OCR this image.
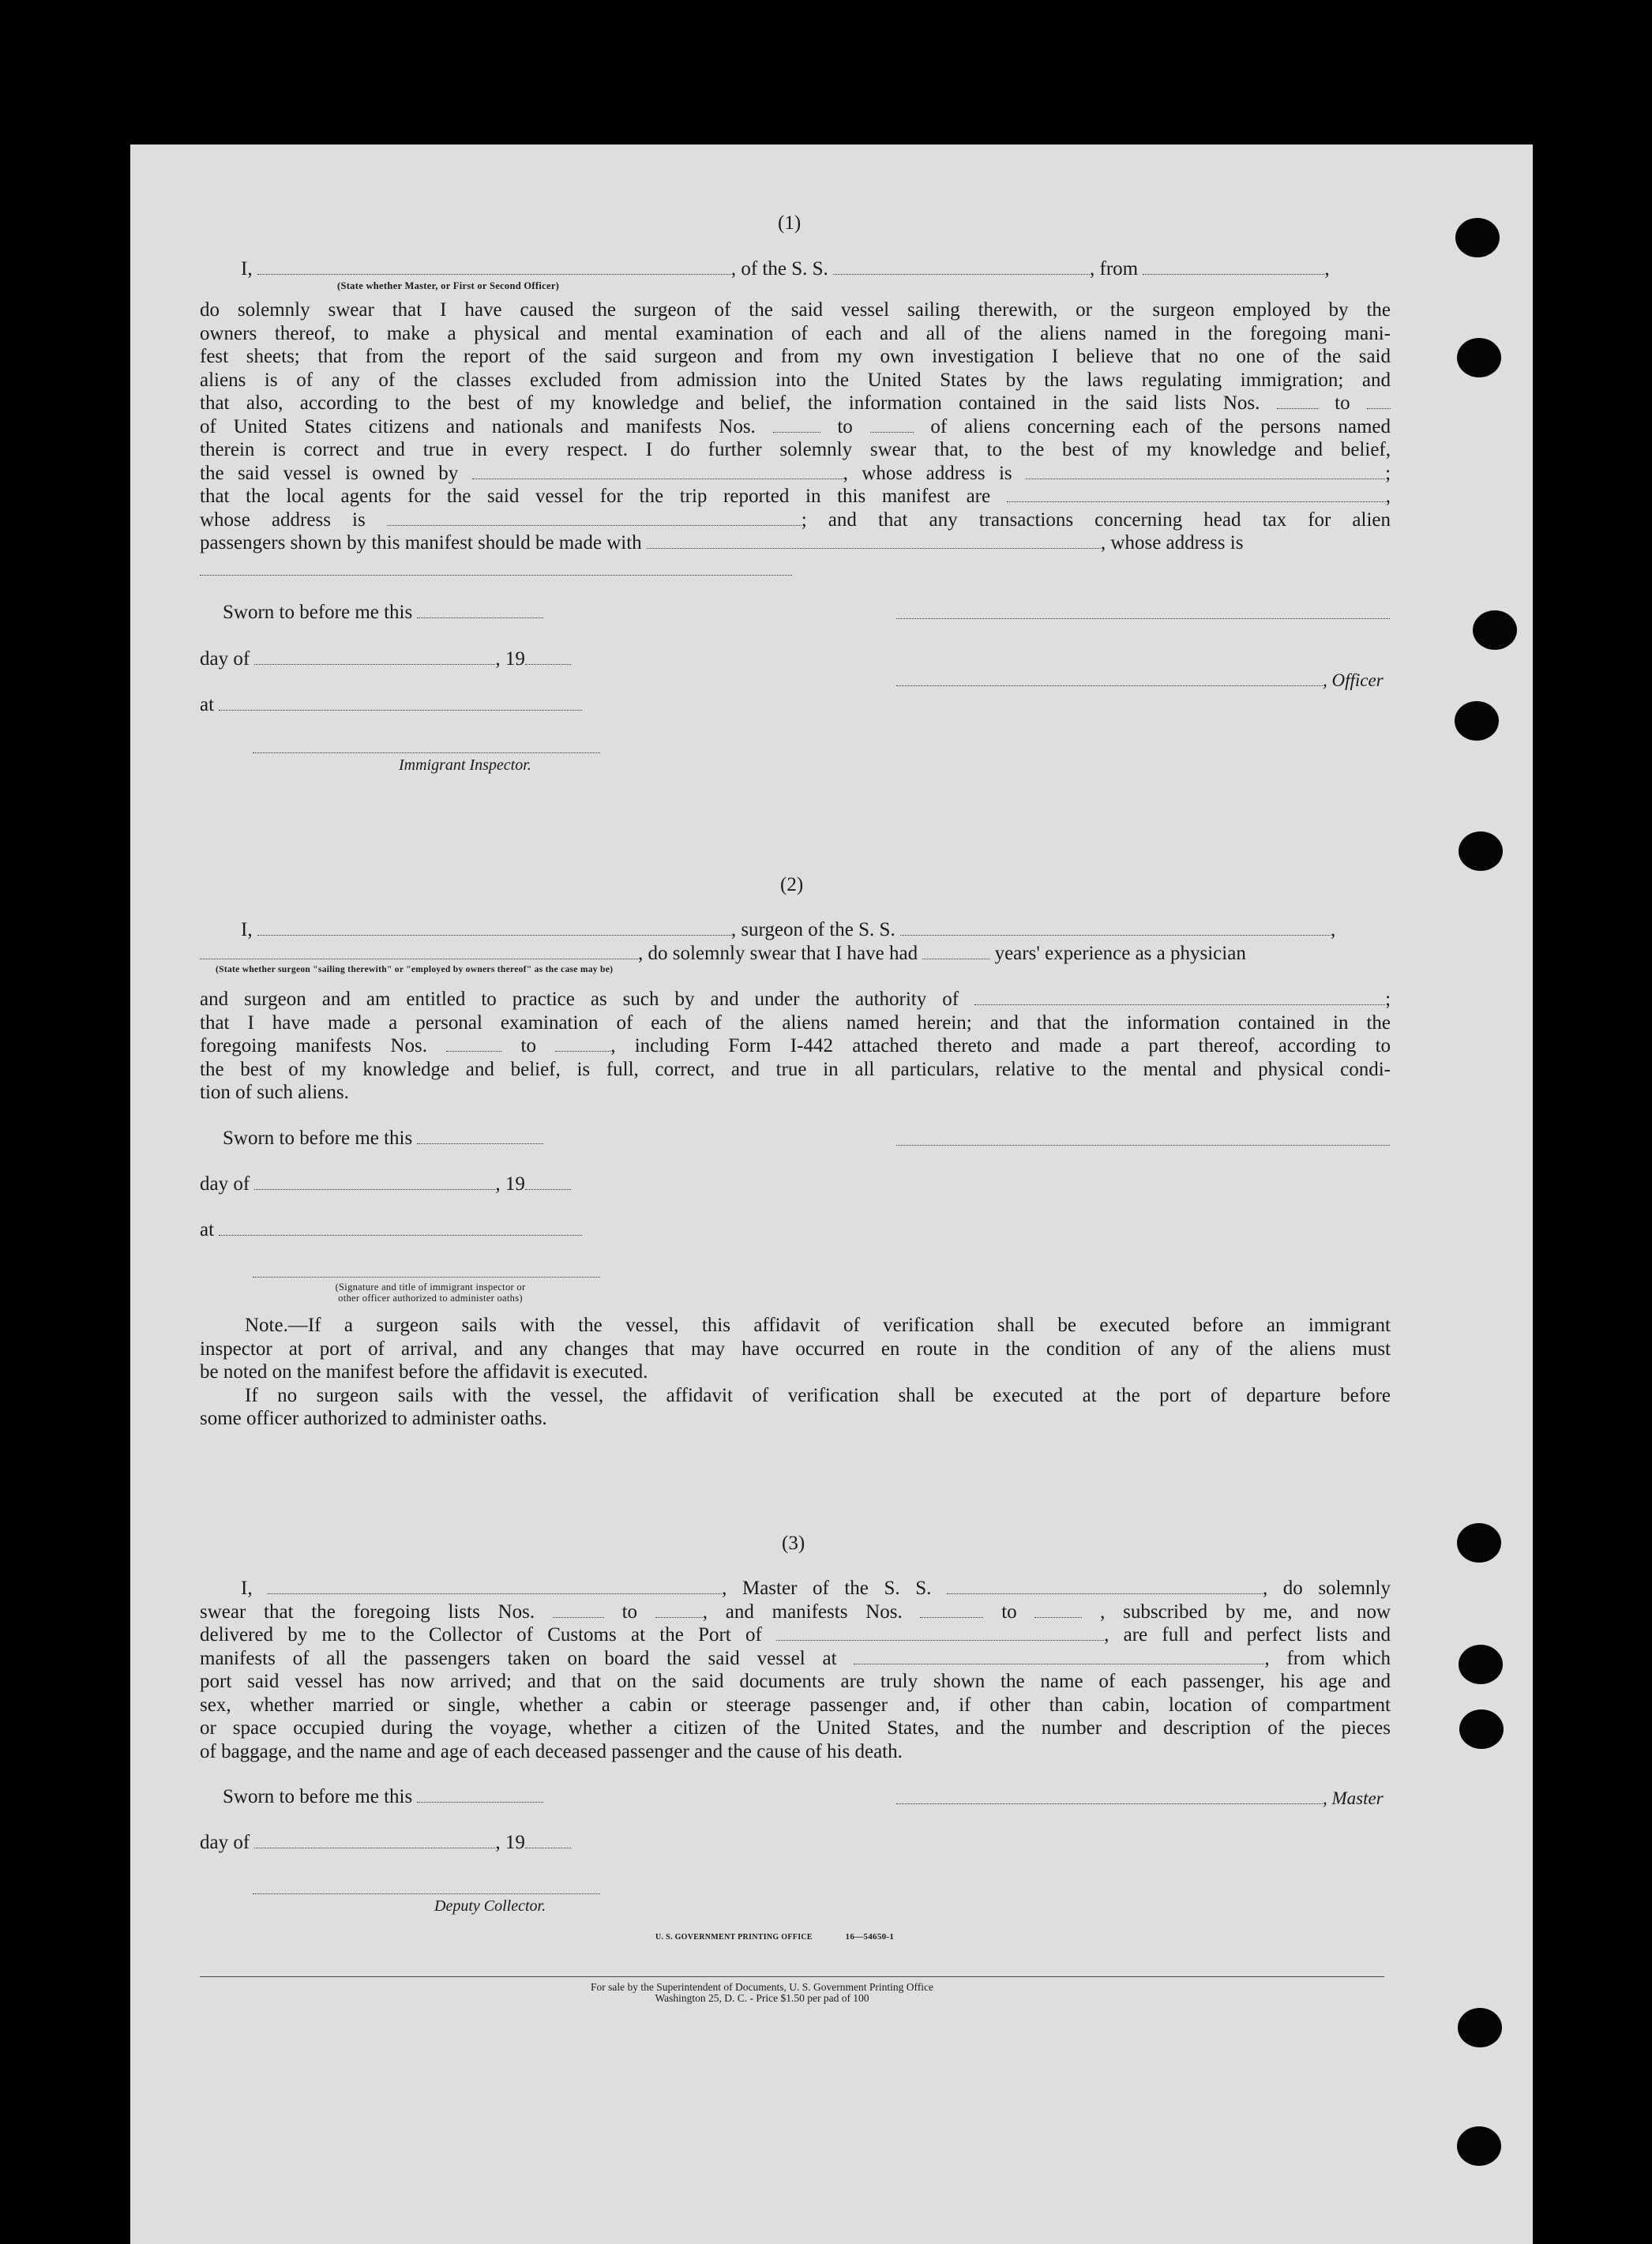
(1)
I,	, of the S. S.	, from	,
(State whether Master, or First or Second Officer)
do solemnly swear that I have caused the surgeon of the said vessel sailing therewith, or the surgeon employed by the
owners thereof, to make a physical and mental examination of each and all of the aliens named in the foregoing mani-
fest sheets; that from the report of the said surgeon and from my own investigation I believe that no one of the said
aliens is of any of the classes excluded from admission into the United States by the laws regulating immigration; and
that also, according to the best of my knowledge and belief, the information contained in the said lists Nos.	to
of United States citizens and nationals and manifests Nos.	to	of aliens concerning each of the persons named
therein is correct and true in every respect. I do further solemnly swear that, to the best of my knowledge and belief,
the said vessel is owned by	, whose address is	;
that the local agents for the said vessel for the trip reported in this manifest are	,
whose address is	; and that any transactions concerning head tax for alien
passengers shown by this manifest should be made with	, whose address is
Sworn to before me this
day of	, 19
, Officer
at
Immigrant Inspector.
(2)
I,	, surgeon of the S. S.	,
, do solemnly swear that I have had	years' experience as a physician
(State whether surgeon "sailing therewith" or "employed by owners thereof" as the case may be)
and surgeon and am entitled to practice as such by and under the authority of	;
that I have made a personal examination of each of the aliens named herein; and that the information contained in the
foregoing manifests Nos.	to	, including Form I-442 attached thereto and made a part thereof, according to
the best of my knowledge and belief, is full, correct, and true in all particulars, relative to the mental and physical condi-
tion of such aliens.
Sworn to before me this
day of	, 19
at
(Signature and title of immigrant inspector or
other officer authorized to administer oaths)
Note.—If a surgeon sails with the vessel, this affidavit of verification shall be executed before an immigrant
inspector at port of arrival, and any changes that may have occurred en route in the condition of any of the aliens must
be noted on the manifest before the affidavit is executed.
If no surgeon sails with the vessel, the affidavit of verification shall be executed at the port of departure before
some officer authorized to administer oaths.
(3)
I,	, Master of the S. S.	, do solemnly
swear that the foregoing lists Nos.	to	, and manifests Nos.	to	, subscribed by me, and now
delivered by me to the Collector of Customs at the Port of	, are full and perfect lists and
manifests of all the passengers taken on board the said vessel at	, from which
port said vessel has now arrived; and that on the said documents are truly shown the name of each passenger, his age and
sex, whether married or single, whether a cabin or steerage passenger and, if other than cabin, location of compartment
or space occupied during the voyage, whether a citizen of the United States, and the number and description of the pieces
of baggage, and the name and age of each deceased passenger and the cause of his death.
Sworn to before me this	, Master
day of	, 19
Deputy Collector.
U. S. GOVERNMENT PRINTING OFFICE	16—54650-1
For sale by the Superintendent of Documents, U. S. Government Printing Office
Washington 25, D. C. - Price $1.50 per pad of 100
